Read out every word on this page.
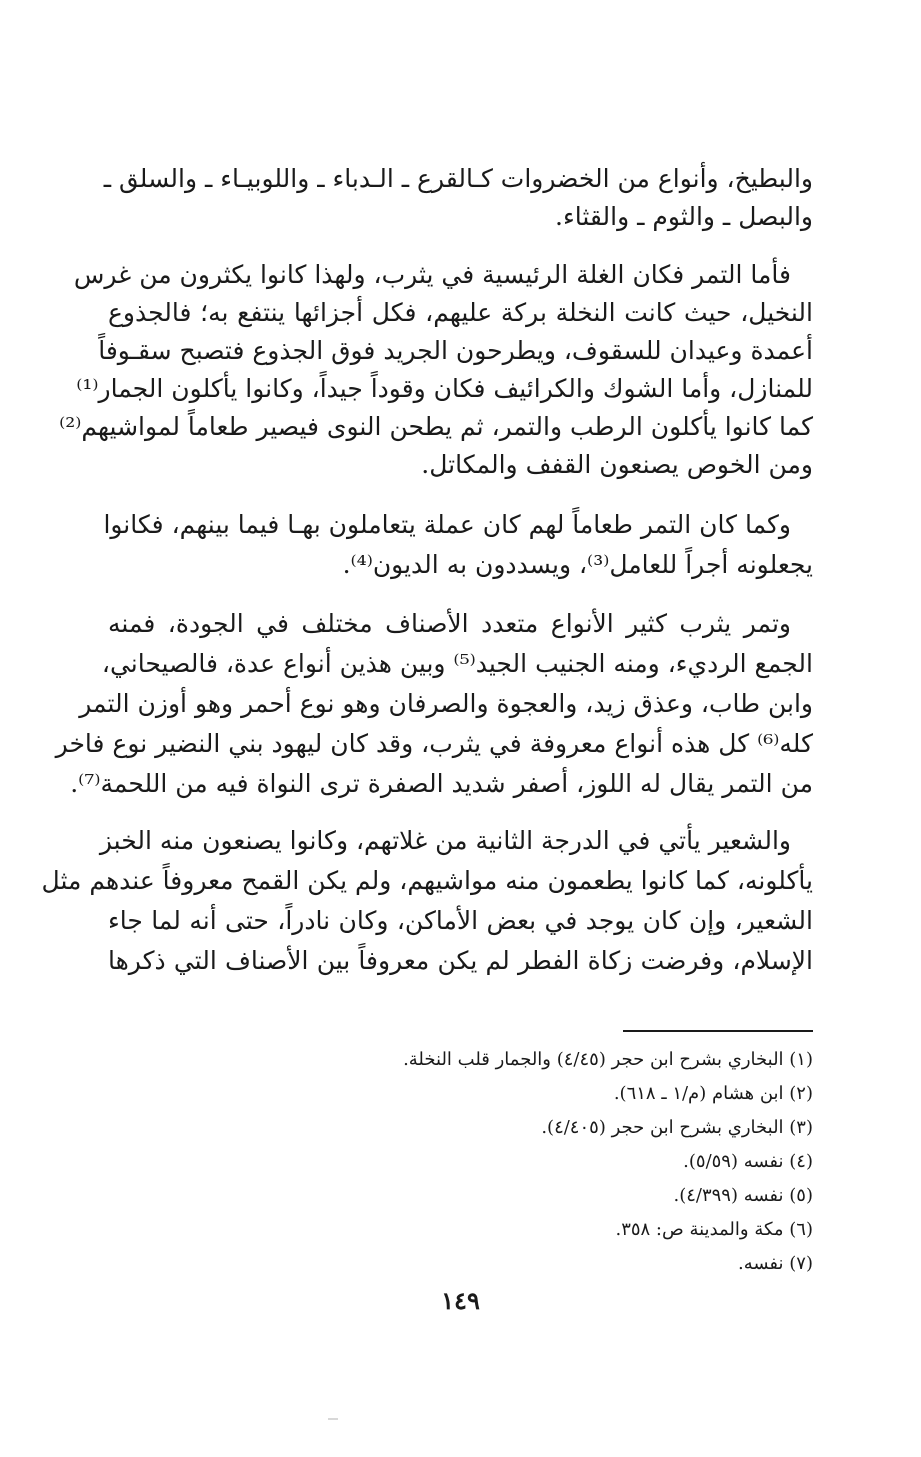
والبطيخ، وأنواع من الخضروات كـالقرع ـ الـدباء ـ واللوبيـاء ـ والسلق ـ
والبصل ـ والثوم ـ والقثاء.
فأما التمر فكان الغلة الرئيسية في يثرب، ولهذا كانوا يكثرون من غرس
النخيل، حيث كانت النخلة بركة عليهم، فكل أجزائها ينتفع به؛ فالجذوع
أعمدة وعيدان للسقوف، ويطرحون الجريد فوق الجذوع فتصبح سقـوفاً
للمنازل، وأما الشوك والكرائيف فكان وقوداً جيداً، وكانوا يأكلون الجمار⁽¹⁾
كما كانوا يأكلون الرطب والتمر، ثم يطحن النوى فيصير طعاماً لمواشيهم⁽²⁾
ومن الخوص يصنعون القفف والمكاتل.
وكما كان التمر طعاماً لهم كان عملة يتعاملون بهـا فيما بينهم، فكانوا
يجعلونه أجراً للعامل⁽³⁾، ويسددون به الديون⁽⁴⁾.
وتمر يثرب كثير الأنواع متعدد الأصناف مختلف في الجودة، فمنه
الجمع الرديء، ومنه الجنيب الجيد⁽⁵⁾ وبين هذين أنواع عدة، فالصيحاني،
وابن طاب، وعذق زيد، والعجوة والصرفان وهو نوع أحمر وهو أوزن التمر
كله⁽⁶⁾ كل هذه أنواع معروفة في يثرب، وقد كان ليهود بني النضير نوع فاخر
من التمر يقال له اللوز، أصفر شديد الصفرة ترى النواة فيه من اللحمة⁽⁷⁾.
والشعير يأتي في الدرجة الثانية من غلاتهم، وكانوا يصنعون منه الخبز
يأكلونه، كما كانوا يطعمون منه مواشيهم، ولم يكن القمح معروفاً عندهم مثل
الشعير، وإن كان يوجد في بعض الأماكن، وكان نادراً، حتى أنه لما جاء
الإسلام، وفرضت زكاة الفطر لم يكن معروفاً بين الأصناف التي ذكرها
(١) البخاري بشرح ابن حجر (٤/٤٥) والجمار قلب النخلة.
(٢) ابن هشام (م/١ ـ ٦١٨).
(٣) البخاري بشرح ابن حجر (٤/٤٠٥).
(٤) نفسه (٥/٥٩).
(٥) نفسه (٤/٣٩٩).
(٦) مكة والمدينة ص: ٣٥٨.
(٧) نفسه.
١٤٩
